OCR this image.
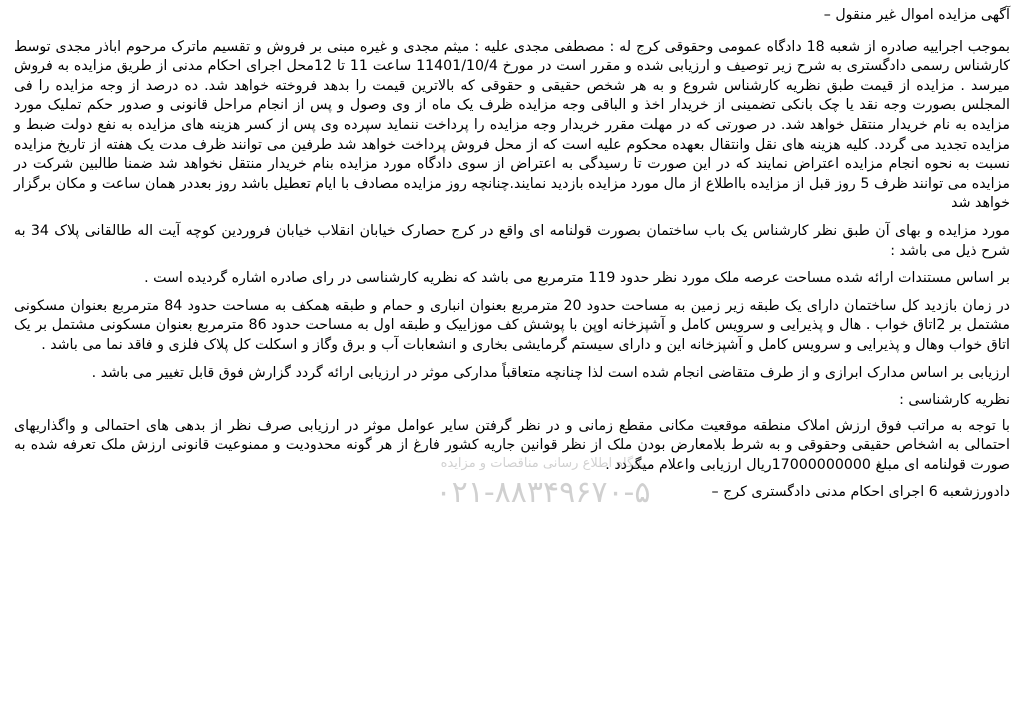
آگهی مزایده اموال غیر منقول –

بموجب اجراییه صادره از شعبه 18 دادگاه عمومی وحقوقی کرج له : مصطفی مجدی علیه : میثم مجدی و غیره مبنی بر فروش و تقسیم ماترک مرحوم اباذر مجدی توسط کارشناس رسمی دادگستری به شرح زیر توصیف و ارزیابی شده و مقرر است در مورخ 11401/10/4 ساعت 11 تا 12محل اجرای احکام مدنی از طریق مزایده به فروش میرسد . مزایده از قیمت طبق نظریه کارشناس شروع و به هر شخص حقیقی و حقوقی که بالاترین قیمت را بدهد فروخته خواهد شد. ده درصد از وجه مزایده را فی المجلس بصورت وجه نقد یا چک بانکی تضمینی از خریدار اخذ و الباقی وجه مزایده ظرف یک ماه از وی وصول و پس از انجام مراحل قانونی و صدور حکم تملیک مورد مزایده به نام خریدار منتقل خواهد شد. در صورتی که در مهلت مقرر خریدار وجه مزایده را پرداخت ننماید سپرده وی پس از کسر هزینه های مزایده به نفع دولت ضبط و مزایده تجدید می گردد. کلیه هزینه های نقل وانتقال بعهده محکوم علیه است که از محل فروش پرداخت خواهد شد طرفین می توانند ظرف مدت یک هفته از تاریخ مزایده نسبت به نحوه انجام مزایده اعتراض نمایند که در این صورت تا رسیدگی به اعتراض از سوی دادگاه مورد مزایده بنام خریدار منتقل نخواهد شد ضمنا طالبین شرکت در مزایده می توانند ظرف 5 روز قبل از مزایده بااطلاع از مال مورد مزایده بازدید نمایند.چنانچه روز مزایده مصادف با ایام تعطیل باشد روز بعددر همان ساعت و مکان برگزار خواهد شد

مورد مزایده و بهای آن طبق نظر کارشناس یک باب ساختمان بصورت قولنامه ای واقع در کرج حصارک خیابان انقلاب خیابان فروردین کوچه آیت اله طالقانی پلاک 34 به شرح ذیل می باشد :

بر اساس مستندات ارائه شده مساحت عرصه ملک مورد نظر حدود 119 مترمربع می باشد که نظریه کارشناسی در رای صادره اشاره گردیده است .

در زمان بازدید کل ساختمان دارای یک طبقه زیر زمین به مساحت حدود 20 مترمربع بعنوان انباری و حمام و طبقه همکف به مساحت حدود 84 مترمربع بعنوان مسکونی مشتمل بر 2اتاق خواب . هال و پذیرایی و سرویس کامل و آشپزخانه اوپن با پوشش کف موزاییک و طبقه اول به مساحت حدود 86 مترمربع بعنوان مسکونی مشتمل بر یک اتاق خواب وهال و پذیرایی و سرویس کامل و آشپزخانه این و دارای سیستم گرمایشی بخاری و انشعابات آب و برق وگاز و اسکلت کل پلاک فلزی و فاقد نما می باشد .

ارزیابی بر اساس مدارک ابرازی و از طرف متقاضی انجام شده است لذا چنانچه متعاقباً مدارکی موثر در ارزیابی ارائه گردد گزارش فوق قابل تغییر می باشد .

نظریه کارشناسی :

با توجه به مراتب فوق ارزش املاک منطقه موقعیت مکانی مقطع زمانی و در نظر گرفتن سایر عوامل موثر در ارزیابی صرف نظر از بدهی های احتمالی و واگذاریهای احتمالی به اشخاص حقیقی وحقوقی و به شرط بلامعارض بودن ملک از نظر قوانین جاریه کشور فارغ از هر گونه محدودیت و ممنوعیت قانونی ارزش ملک تعرفه شده به صورت قولنامه ای مبلغ 17000000000ریال ارزیابی واعلام میگردد .

دادورزشعبه 6 اجرای احکام مدنی دادگستری کرج –
پایگاه اطلاع رسانی مناقصات و مزایده
۰۲۱-۸۸۳۴۹۶۷۰-۵
